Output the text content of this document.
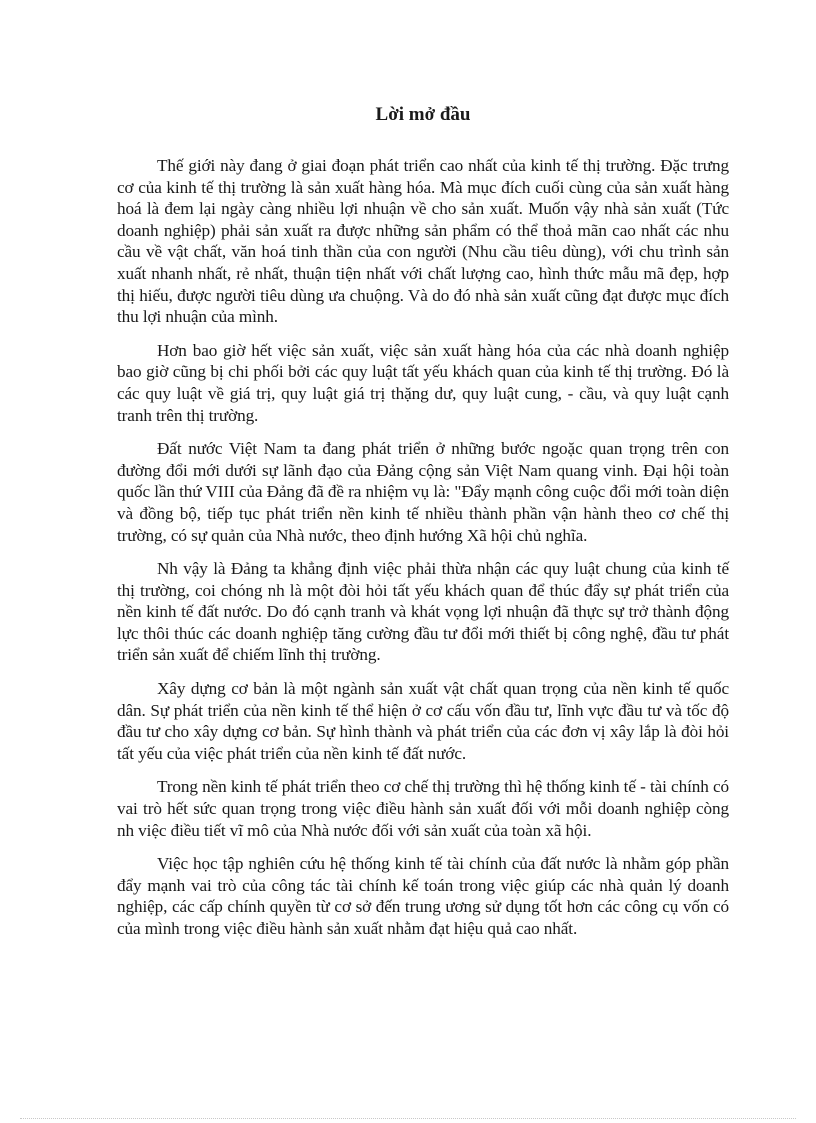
Lời mở đầu

Thế giới này đang ở giai đoạn phát triển cao nhất của kinh tế thị trường. Đặc trưng cơ của kinh tế thị trường là sản xuất hàng hóa. Mà mục đích cuối cùng của sản xuất hàng hoá là đem lại ngày càng nhiều lợi nhuận về cho sản xuất. Muốn vậy nhà sản xuất (Tức doanh nghiệp) phải sản xuất ra được những sản phẩm có thể thoả mãn cao nhất các nhu cầu về vật chất, văn hoá tinh thần của con người (Nhu cầu tiêu dùng), với chu trình sản xuất nhanh nhất, rẻ nhất, thuận tiện nhất với chất lượng cao, hình thức mẫu mã đẹp, hợp thị hiếu, được người tiêu dùng ưa chuộng. Và do đó nhà sản xuất cũng đạt được mục đích thu lợi nhuận của mình.

Hơn bao giờ hết việc sản xuất, việc sản xuất hàng hóa của các nhà doanh nghiệp bao giờ cũng bị chi phối bởi các quy luật tất yếu khách quan của kinh tế thị trường. Đó là các quy luật về giá trị, quy luật giá trị thặng dư, quy luật cung, - cầu, và quy luật cạnh tranh trên thị trường.

Đất nước Việt Nam ta đang phát triển ở những bước ngoặc quan trọng trên con đường đổi mới dưới sự lãnh đạo của Đảng cộng sản Việt Nam quang vinh. Đại hội toàn quốc lần thứ VIII của Đảng đã đề ra nhiệm vụ là: "Đẩy mạnh công cuộc đổi mới toàn diện và đồng bộ, tiếp tục phát triển nền kinh tế nhiều thành phần vận hành theo cơ chế thị trường, có sự quản của Nhà nước, theo định hướng Xã hội chủ nghĩa.

Nh vậy là Đảng ta khẳng định việc phải thừa nhận các quy luật chung của kinh tế thị trường, coi chóng nh là một đòi hỏi tất yếu khách quan để thúc đẩy sự phát triển của nền kinh tế đất nước. Do đó cạnh tranh và khát vọng lợi nhuận đã thực sự trở thành động lực thôi thúc các doanh nghiệp tăng cường đầu tư đổi mới thiết bị công nghệ, đầu tư phát triển sản xuất để chiếm lĩnh thị trường.

Xây dựng cơ bản là một ngành sản xuất vật chất quan trọng của nền kinh tế quốc dân. Sự phát triển của nền kinh tế thể hiện ở cơ cấu vốn đầu tư, lĩnh vực đầu tư và tốc độ đầu tư cho xây dựng cơ bản. Sự hình thành và phát triển của các đơn vị xây lắp là đòi hỏi tất yếu của việc phát triển của nền kinh tế đất nước.

Trong nền kinh tế phát triển theo cơ chế thị trường thì hệ thống kinh tế - tài chính có vai trò hết sức quan trọng trong việc điều hành sản xuất đối với mỗi doanh nghiệp còng nh việc điều tiết vĩ mô của Nhà nước đối với sản xuất của toàn xã hội.

Việc học tập nghiên cứu hệ thống kinh tế tài chính của đất nước là nhằm góp phần đẩy mạnh vai trò của công tác tài chính kế toán trong việc giúp các nhà quản lý doanh nghiệp, các cấp chính quyền từ cơ sở đến trung ương sử dụng tốt hơn các công cụ vốn có của mình trong việc điều hành sản xuất nhằm đạt hiệu quả cao nhất.
